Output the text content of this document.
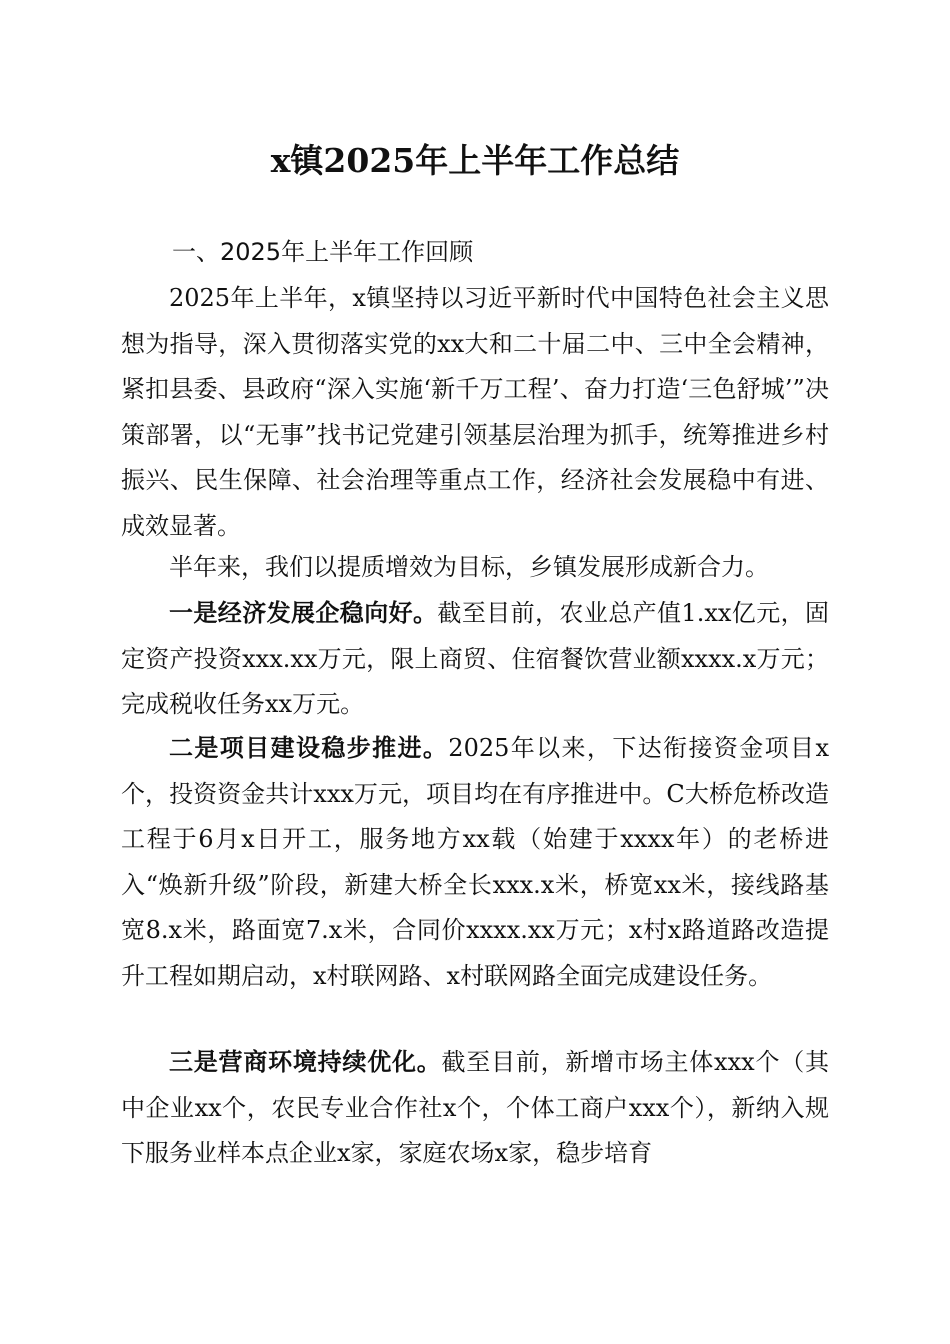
x镇2025年上半年工作总结
一、2025年上半年工作回顾

2025年上半年，x镇坚持以习近平新时代中国特色社会主义思想为指导，深入贯彻落实党的xx大和二十届二中、三中全会精神，紧扣县委、县政府“深入实施‘新千万工程’、奋力打造‘三色舒城’”决策部署，以“无事”找书记党建引领基层治理为抓手，统筹推进乡村振兴、民生保障、社会治理等重点工作，经济社会发展稳中有进、成效显著。

半年来，我们以提质增效为目标，乡镇发展形成新合力。

一是经济发展企稳向好。截至目前，农业总产值1.xx亿元，固定资产投资xxx.xx万元，限上商贸、住宿餐饮营业额xxxx.x万元；完成税收任务xx万元。

二是项目建设稳步推进。2025年以来，下达衔接资金项目x个，投资资金共计xxx万元，项目均在有序推进中。C大桥危桥改造工程于6月x日开工，服务地方xx载（始建于xxxx年）的老桥进入“焕新升级”阶段，新建大桥全长xxx.x米，桥宽xx米，接线路基宽8.x米，路面宽7.x米，合同价xxxx.xx万元；x村x路道路改造提升工程如期启动，x村联网路、x村联网路全面完成建设任务。

三是营商环境持续优化。截至目前，新增市场主体xxx个（其中企业xx个，农民专业合作社x个，个体工商户xxx个），新纳入规下服务业样本点企业x家，家庭农场x家，稳步培育
